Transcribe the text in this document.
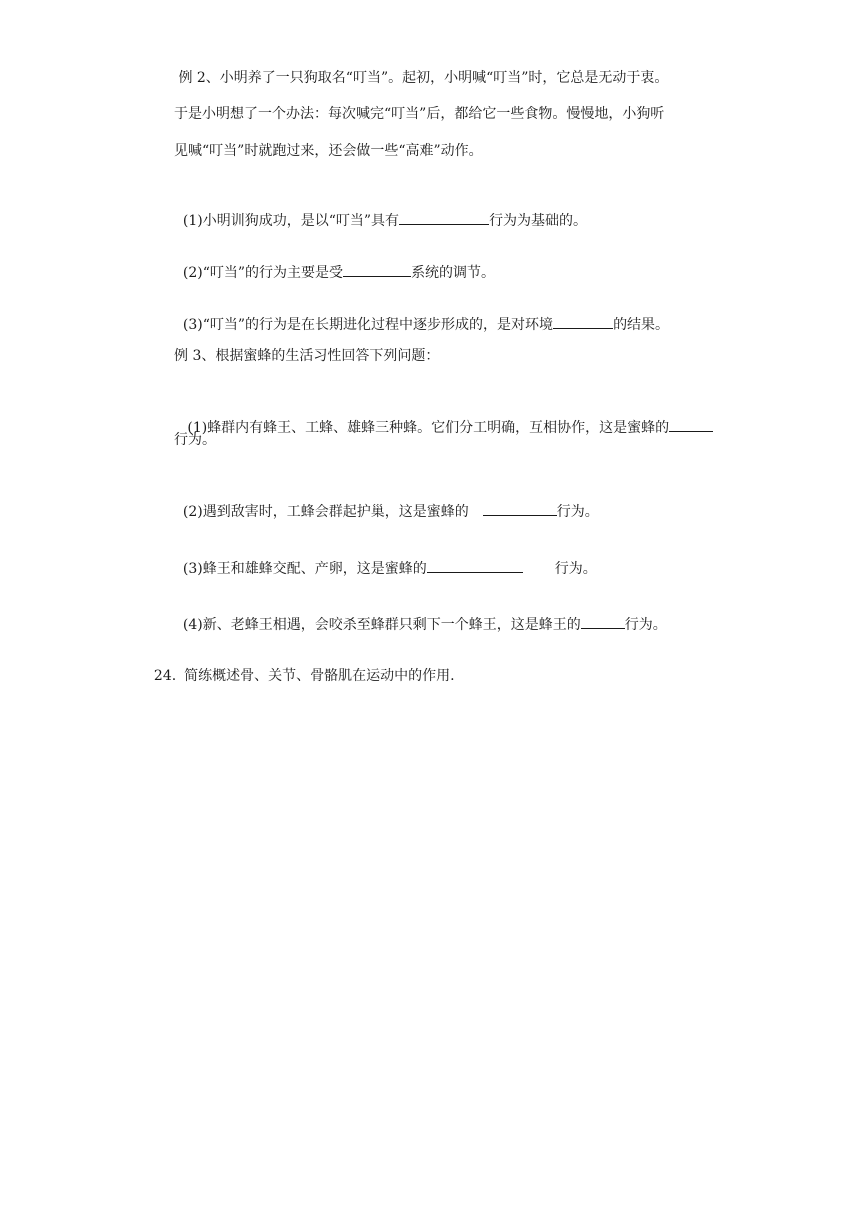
例 2、小明养了一只狗取名“叮当”。起初，小明喊“叮当”时，它总是无动于衷。
于是小明想了一个办法：每次喊完“叮当”后，都给它一些食物。慢慢地，小狗听
见喊“叮当”时就跑过来，还会做一些“高难”动作。

(1)小明训狗成功，是以“叮当”具有	行为为基础的。

(2)“叮当”的行为主要是受	系统的调节。

(3)“叮当”的行为是在长期进化过程中逐步形成的，是对环境	的结果。

例 3、根据蜜蜂的生活习性回答下列问题：

(1)蜂群内有蜂王、工蜂、雄蜂三种蜂。它们分工明确，互相协作，这是蜜蜂的

行为。

(2)遇到敌害时，工蜂会群起护巢，这是蜜蜂的	行为。

(3)蜂王和雄蜂交配、产卵，这是蜜蜂的	行为。

(4)新、老蜂王相遇，会咬杀至蜂群只剩下一个蜂王，这是蜂王的	行为。

24. 简练概述骨、关节、骨骼肌在运动中的作用.
